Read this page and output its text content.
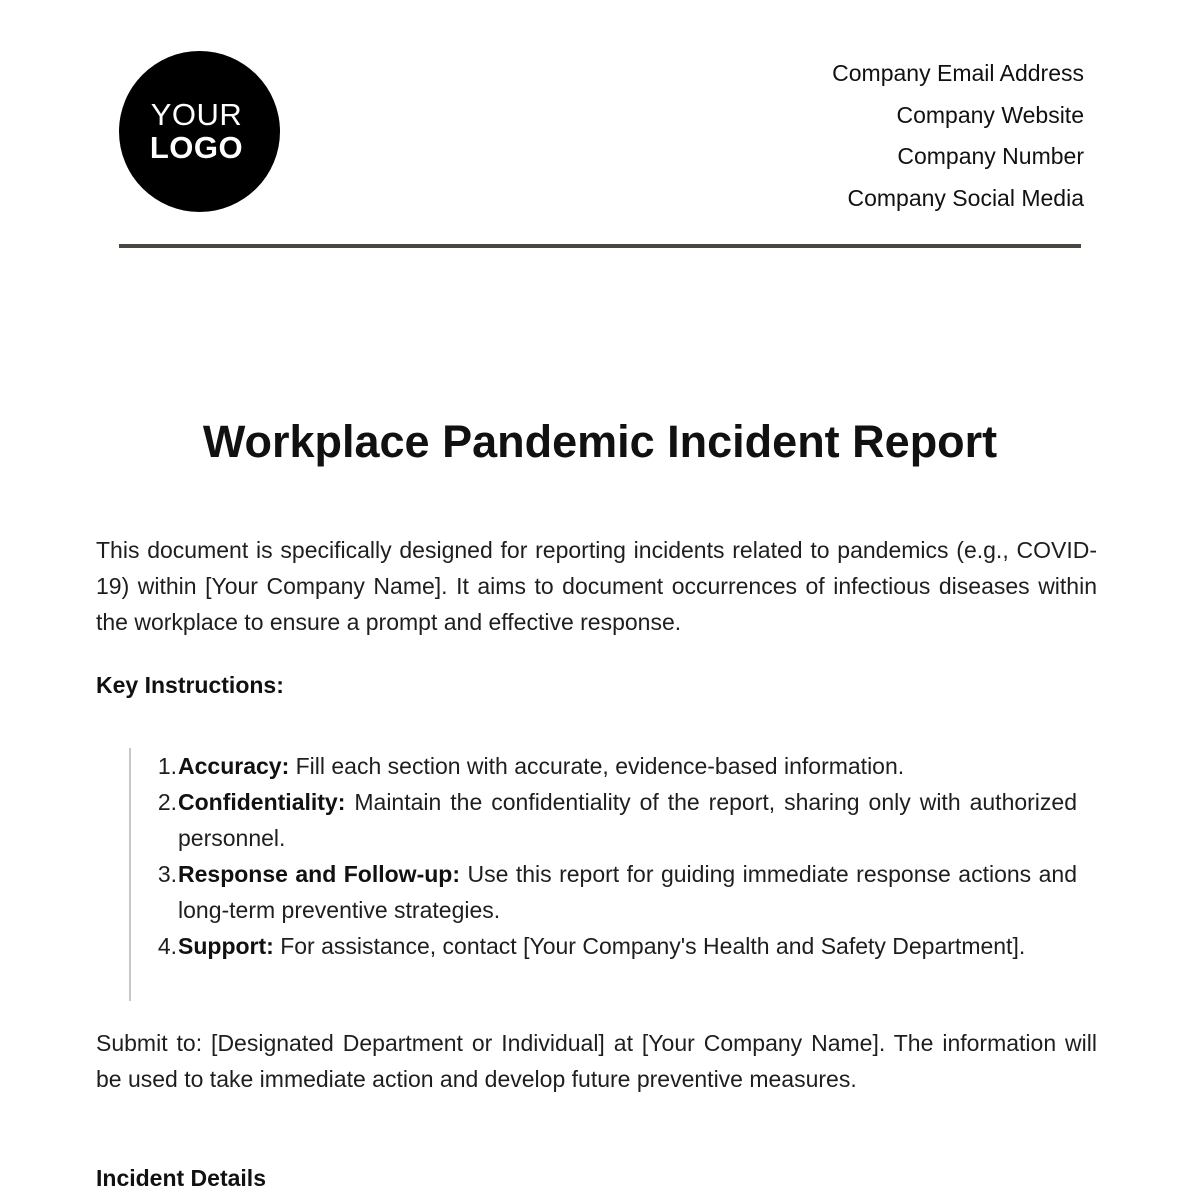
YOUR
LOGO
Company Email Address
Company Website
Company Number
Company Social Media
Workplace Pandemic Incident Report

This document is specifically designed for reporting incidents related to pandemics (e.g., COVID-19) within [Your Company Name]. It aims to document occurrences of infectious diseases within the workplace to ensure a prompt and effective response.

Key Instructions:
1. Accuracy: Fill each section with accurate, evidence-based information.
2. Confidentiality: Maintain the confidentiality of the report, sharing only with authorized personnel.
3. Response and Follow-up: Use this report for guiding immediate response actions and long-term preventive strategies.
4. Support: For assistance, contact [Your Company's Health and Safety Department].

Submit to: [Designated Department or Individual] at [Your Company Name]. The information will be used to take immediate action and develop future preventive measures.

Incident Details
